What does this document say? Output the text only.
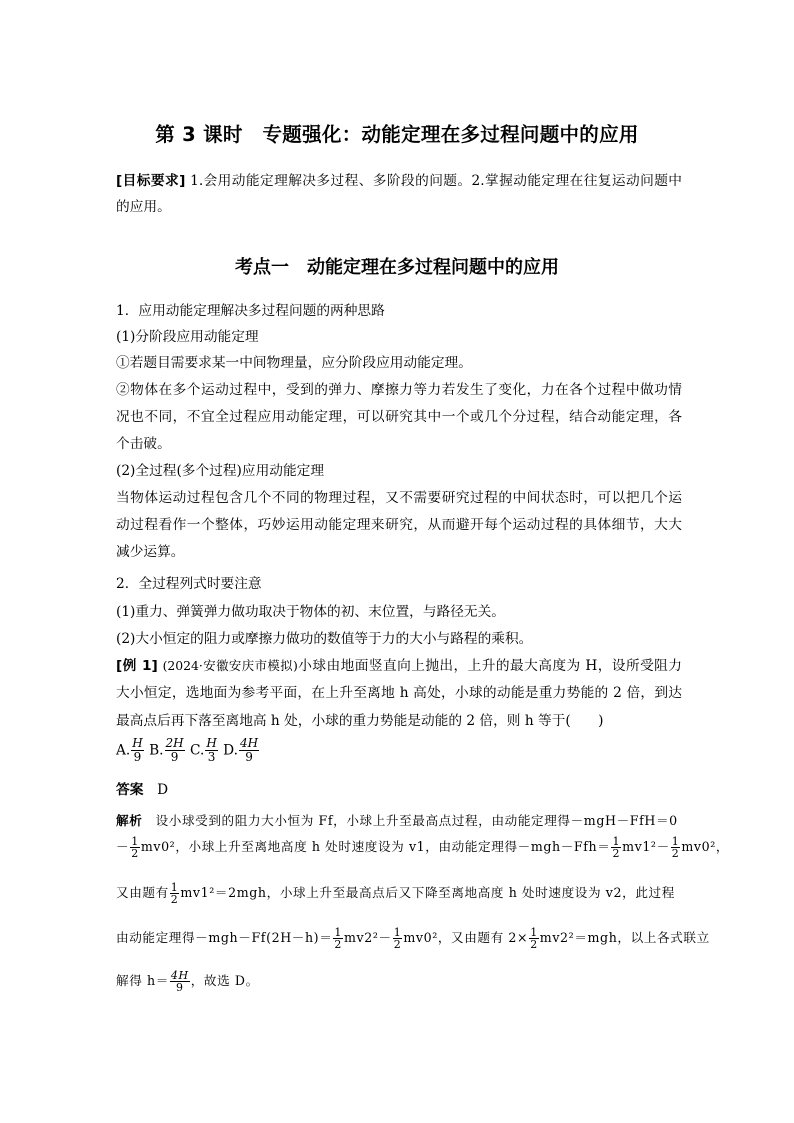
第 3 课时　专题强化：动能定理在多过程问题中的应用
[目标要求] 1.会用动能定理解决多过程、多阶段的问题。2.掌握动能定理在往复运动问题中
的应用。
考点一　动能定理在多过程问题中的应用
1．应用动能定理解决多过程问题的两种思路
(1)分阶段应用动能定理
①若题目需要求某一中间物理量，应分阶段应用动能定理。
②物体在多个运动过程中，受到的弹力、摩擦力等力若发生了变化，力在各个过程中做功情
况也不同，不宜全过程应用动能定理，可以研究其中一个或几个分过程，结合动能定理，各
个击破。
(2)全过程(多个过程)应用动能定理
当物体运动过程包含几个不同的物理过程，又不需要研究过程的中间状态时，可以把几个运
动过程看作一个整体，巧妙运用动能定理来研究，从而避开每个运动过程的具体细节，大大
减少运算。
2．全过程列式时要注意
(1)重力、弹簧弹力做功取决于物体的初、末位置，与路径无关。
(2)大小恒定的阻力或摩擦力做功的数值等于力的大小与路程的乘积。
[例 1] (2024·安徽安庆市模拟)小球由地面竖直向上抛出，上升的最大高度为 H，设所受阻力
大小恒定，选地面为参考平面，在上升至离地 h 高处，小球的动能是重力势能的 2 倍，到达
最高点后再下落至离地高 h 处，小球的重力势能是动能的 2 倍，则 h 等于(　　)
A. $\frac{H}{9} B$. $\frac{2H}{9} C$. $\frac{H}{3} D$. $\frac{4H}{9}$
答案　 D
解析　 设小球受到的阻力大小恒为 Ff，小球上升至最高点过程，由动能定理得－mgH－FfH＝0
－ $\frac{1}{2} mv0^2$，小球上升至离地高度 h 处时速度设为 v1，由动能定理得$-mgh-Ffh= \frac{1}{2} mv1^2- \frac{1}{2} mv0^2$，
又由题有 $\frac{1}{2} mv1^2=2mgh$，小球上升至最高点后又下降至离地高度 h 处时速度设为 v2，此过程
由动能定理得$-mgh-Ff(2H-h)= \frac{1}{2} mv2^2- \frac{1}{2} mv0^2$，又由题有 $2\times \frac{1}{2} mv2^2=mgh$，以上各式联立
解得 $h= \frac{4H}{9}$ ，故选 D。
